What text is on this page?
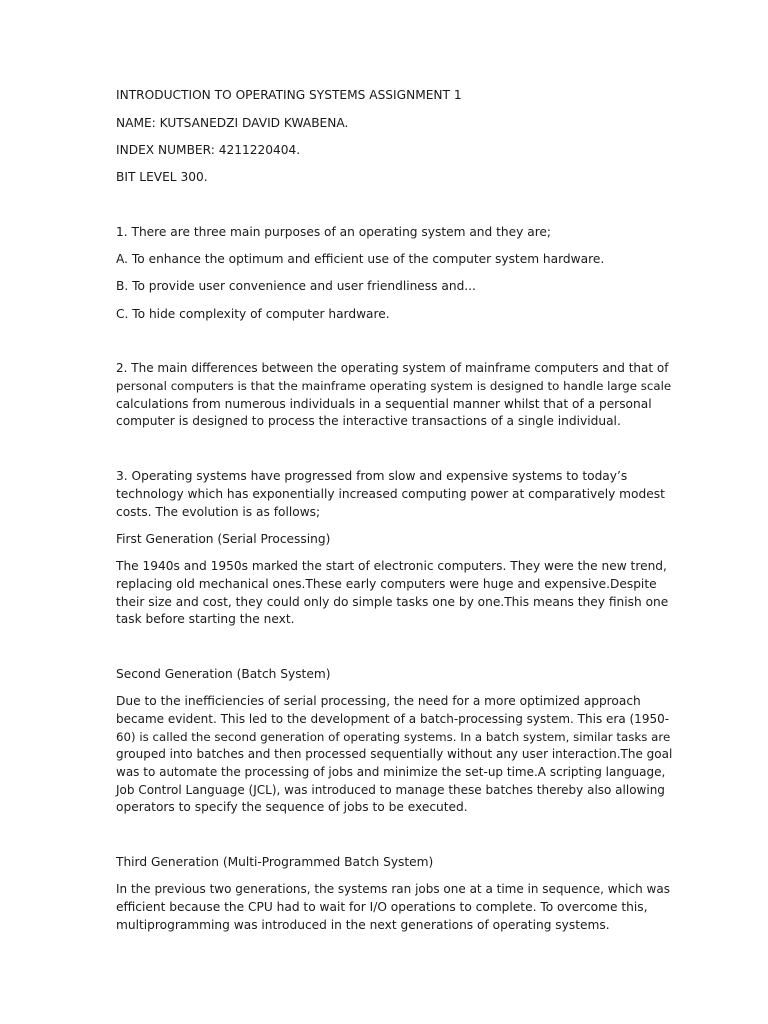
INTRODUCTION TO OPERATING SYSTEMS ASSIGNMENT 1

NAME: KUTSANEDZI DAVID KWABENA.

INDEX NUMBER: 4211220404.

BIT LEVEL 300.

1. There are three main purposes of an operating system and they are;

A. To enhance the optimum and efficient use of the computer system hardware.

B. To provide user convenience and user friendliness and...

C. To hide complexity of computer hardware.

2. The main differences between the operating system of mainframe computers and that of

personal computers is that the mainframe operating system is designed to handle large scale

calculations from numerous individuals in a sequential manner whilst that of a personal

computer is designed to process the interactive transactions of a single individual.

3. Operating systems have progressed from slow and expensive systems to today’s

technology which has exponentially increased computing power at comparatively modest

costs. The evolution is as follows;

First Generation (Serial Processing)

The 1940s and 1950s marked the start of electronic computers. They were the new trend,

replacing old mechanical ones.These early computers were huge and expensive.Despite

their size and cost, they could only do simple tasks one by one.This means they finish one

task before starting the next.

Second Generation (Batch System)

Due to the inefficiencies of serial processing, the need for a more optimized approach

became evident. This led to the development of a batch-processing system. This era (1950-

60) is called the second generation of operating systems. In a batch system, similar tasks are

grouped into batches and then processed sequentially without any user interaction.The goal

was to automate the processing of jobs and minimize the set-up time.A scripting language,

Job Control Language (JCL), was introduced to manage these batches thereby also allowing

operators to specify the sequence of jobs to be executed.

Third Generation (Multi-Programmed Batch System)

In the previous two generations, the systems ran jobs one at a time in sequence, which was

efficient because the CPU had to wait for I/O operations to complete. To overcome this,

multiprogramming was introduced in the next generations of operating systems.
